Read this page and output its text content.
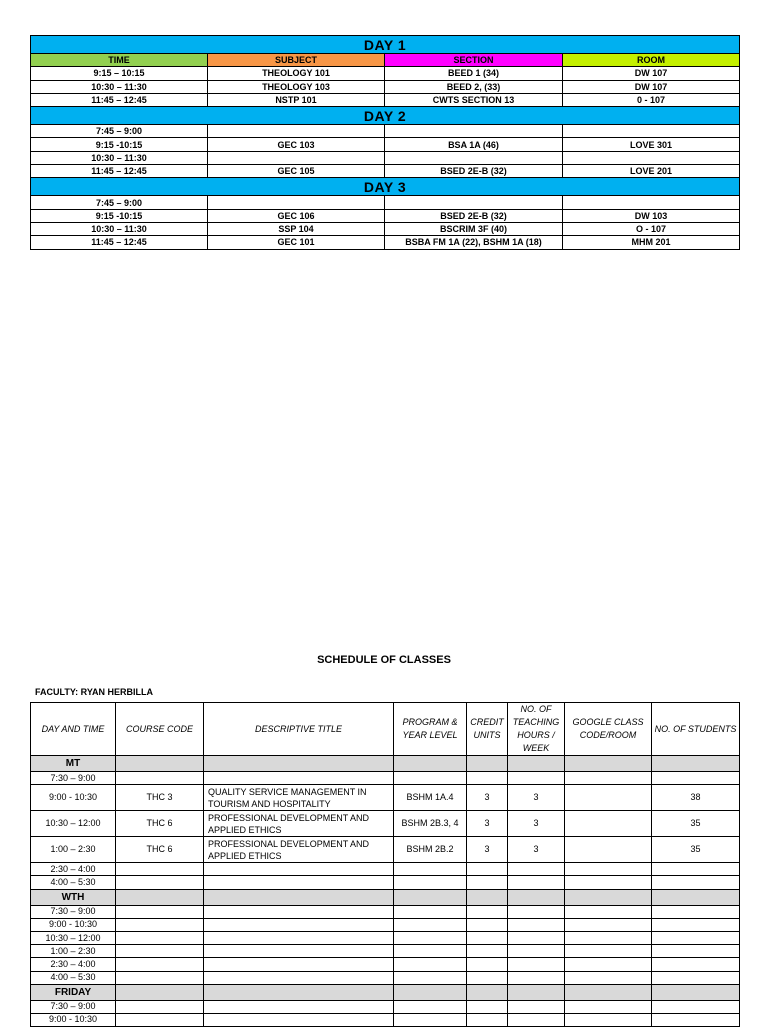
DAY 1			
TIME	SUBJECT	SECTION	ROOM
9:15 – 10:15	THEOLOGY 101	BEED 1 (34)	DW 107
10:30 – 11:30	THEOLOGY 103	BEED 2, (33)	DW 107
11:45 – 12:45	NSTP 101	CWTS SECTION 13	0 - 107
DAY 2			
7:45 – 9:00			
9:15 -10:15	GEC 103	BSA 1A (46)	LOVE 301
10:30 – 11:30			
11:45 – 12:45	GEC 105	BSED 2E-B (32)	LOVE 201
DAY 3			
7:45 – 9:00			
9:15 -10:15	GEC 106	BSED 2E-B (32)	DW 103
10:30 – 11:30	SSP 104	BSCRIM 3F (40)	O - 107
11:45 – 12:45	GEC 101	BSBA FM 1A (22), BSHM 1A (18)	MHM 201
SCHEDULE OF CLASSES
FACULTY: RYAN HERBILLA
DAY AND TIME	COURSE CODE	DESCRIPTIVE TITLE	PROGRAM & YEAR LEVEL	CREDIT UNITS	NO. OF TEACHING HOURS / WEEK	GOOGLE CLASS CODE/ROOM	NO. OF STUDENTS
MT							
7:30 – 9:00							
9:00 - 10:30	THC 3	QUALITY SERVICE MANAGEMENT IN TOURISM AND HOSPITALITY	BSHM 1A.4	3	3		38
10:30 – 12:00	THC 6	PROFESSIONAL DEVELOPMENT AND APPLIED ETHICS	BSHM 2B.3, 4	3	3		35
1:00 – 2:30	THC 6	PROFESSIONAL DEVELOPMENT AND APPLIED ETHICS	BSHM 2B.2	3	3		35
2:30 – 4:00							
4:00 – 5:30							
WTH							
7:30 – 9:00							
9:00 - 10:30							
10:30 – 12:00							
1:00 – 2:30							
2:30 – 4:00							
4:00 – 5:30							
FRIDAY							
7:30 – 9:00							
9:00 - 10:30							
